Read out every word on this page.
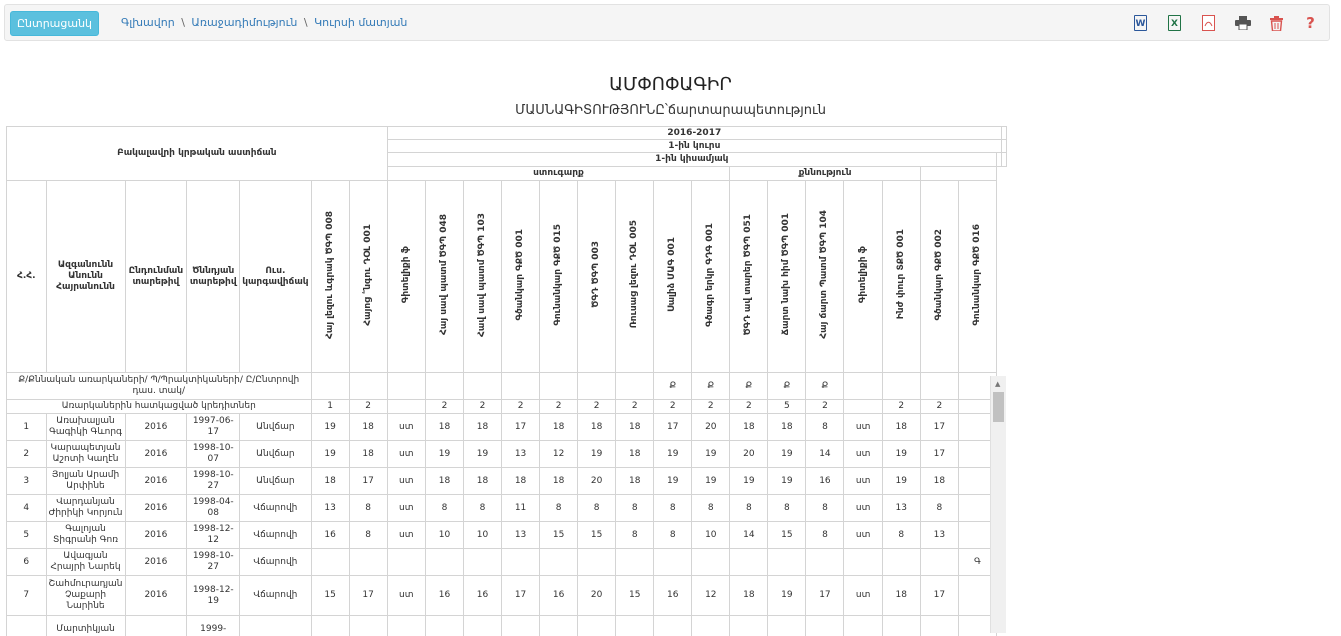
Ընտրացանկ	Գլխավոր \ Առաջադիմություն \ Կուրսի մատյան	W	X	?
ԱՄՓՈՓԱԳԻՐ
ՄԱՍՆԱԳԻՏՈՒԹՅՈՒՆԸ՝ճարտարապետություն
Բակալավրի կրթական աստիճան							2016-2017																	
							1-ին կուրս																	
							1-ին կիսամյակ																	
							ստուգարք									քննություն								
Հ.Հ.	Ազգանունն Անունն Հայրանունն	Ընդունման տարեթիվ	Ծննդյան տարեթիվ	Ուս. կարգավիճակ	Հայ լեզու ևգրակ ԾԳՊ 008	Հայոց ՟նգու ԴՕԼ 001	Գիտելիքի ֆ	Հայ սավ պատմ ԾԳՊ 048	Հավ սավ պատմ ԾԳՊ 103	Գծանկար ԳՔԾ 001	Գունանկար ԳՔԾ 015	ԾԳԴ ԾԳՊ 003	Ռուսաց լեզու ԴՕԼ 005	Սալիձ ՄԱԳ 001	Գծագր երկր ԳԴԳ 001	ԾԳԴ ավ տարեր ԾԳՊ 051	Ճարտ նախ հիմ ԾԳՊ 001	Հայ ճարտ Պատմ ԾԳՊ 104	Գիտելիքի ֆ	Ինժ փուր ՏՔԾ 001	Գծանկար ԳՔԾ 002	Գունանկար ԳՔԾ 016		
Ք/Քննական առարկաների/ Պ/Պրակտիկաների/ Ը/Ընտրովի դաս. տակ/														Ք	Ք	Ք	Ք	Ք						
Առարկաներին հատկացված կրեդիտներ					1	2		2	2	2	2	2	2	2	2	2	5	2		2	2			
1	Առախալյան Գագիկի Գևորգ	2016	1997-06-17	Անվճար	19	18	ստ	18	18	17	18	18	18	17	20	18	18	8	ստ	18	17			
2	Կարապետյան Աշոտի Կաղէն	2016	1998-10-07	Անվճար	19	18	ստ	19	19	13	12	19	18	19	19	20	19	14	ստ	19	17			
3	Յոլյան Արամի Արփինե	2016	1998-10-27	Անվճար	18	17	ստ	18	18	18	18	20	18	19	19	19	19	16	ստ	19	18			
4	Վարդանյան Ժիրիկի Կորյուն	2016	1998-04-08	Վճարովի	13	8	ստ	8	8	11	8	8	8	8	8	8	8	8	ստ	13	8			
5	Գալոյան Տիգրանի Գոռ	2016	1998-12-12	Վճարովի	16	8	ստ	10	10	13	15	15	8	8	10	14	15	8	ստ	8	13			
6	Ավագյան Հրայրի Նարեկ	2016	1998-10-27	Վճարովի																		Գ		
7	Շահմուրադյան Չաքարի Նարինե	2016	1998-12-19	Վճարովի	15	17	ստ	16	16	17	16	20	15	16	12	18	19	17	ստ	18	17			
	Մարտիկյան		1999-																					
▲
